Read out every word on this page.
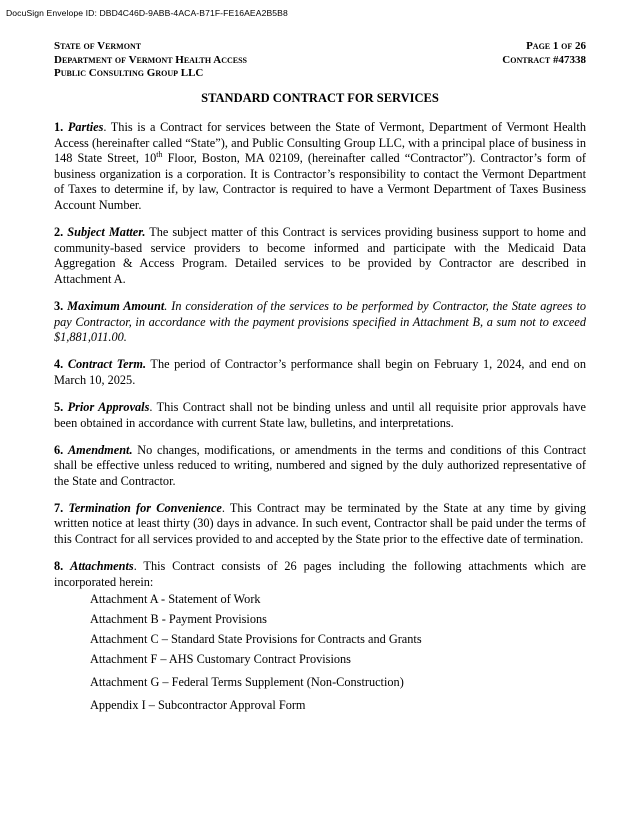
DocuSign Envelope ID: DBD4C46D-9ABB-4ACA-B71F-FE16AEA2B5B8
State of Vermont	Page 1 of 26
Department of Vermont Health Access	Contract #47338
Public Consulting Group LLC
STANDARD CONTRACT FOR SERVICES

1. Parties. This is a Contract for services between the State of Vermont, Department of Vermont Health Access (hereinafter called “State”), and Public Consulting Group LLC, with a principal place of business in 148 State Street, 10th Floor, Boston, MA 02109, (hereinafter called “Contractor”). Contractor’s form of business organization is a corporation. It is Contractor’s responsibility to contact the Vermont Department of Taxes to determine if, by law, Contractor is required to have a Vermont Department of Taxes Business Account Number.

2. Subject Matter. The subject matter of this Contract is services providing business support to home and community-based service providers to become informed and participate with the Medicaid Data Aggregation & Access Program. Detailed services to be provided by Contractor are described in Attachment A.

3. Maximum Amount. In consideration of the services to be performed by Contractor, the State agrees to pay Contractor, in accordance with the payment provisions specified in Attachment B, a sum not to exceed $1,881,011.00.

4. Contract Term. The period of Contractor’s performance shall begin on February 1, 2024, and end on March 10, 2025.

5. Prior Approvals. This Contract shall not be binding unless and until all requisite prior approvals have been obtained in accordance with current State law, bulletins, and interpretations.

6. Amendment. No changes, modifications, or amendments in the terms and conditions of this Contract shall be effective unless reduced to writing, numbered and signed by the duly authorized representative of the State and Contractor.

7. Termination for Convenience. This Contract may be terminated by the State at any time by giving written notice at least thirty (30) days in advance. In such event, Contractor shall be paid under the terms of this Contract for all services provided to and accepted by the State prior to the effective date of termination.

8. Attachments. This Contract consists of 26 pages including the following attachments which are incorporated herein:

Attachment A - Statement of Work
Attachment B - Payment Provisions
Attachment C – Standard State Provisions for Contracts and Grants
Attachment F – AHS Customary Contract Provisions
Attachment G – Federal Terms Supplement (Non-Construction)
Appendix I – Subcontractor Approval Form
